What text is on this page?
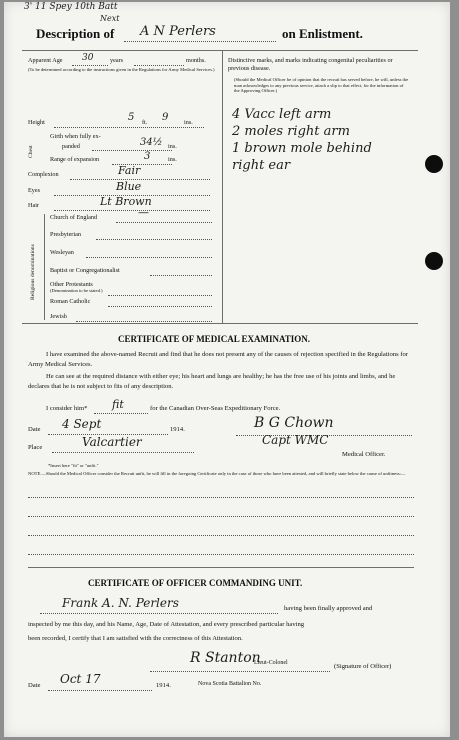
3' 11 Spey 10th Batt
Next
Description of A N Perlers	on Enlistment.
Apparent Age 30	years	months.
(To be determined according to the instructions given in the Regulations for Army Medical Services.)
Height	5 ft. 9	ins.
Chest
Girth when fully ex-
panded	34½ ins.
Range of expansion	3	ins.
Complexion	Fair
Eyes	Blue
Hair	Lt Brown
Religious denominations
Church of England	—
Presbyterian
Wesleyan
Baptist or Congregationalist
Other Protestants
(Denomination to be stated.)
Roman Catholic
Jewish
Distinctive marks, and marks indicating congenital peculiarities or previous disease.
(Should the Medical Officer be of opinion that the recruit has served before, he will, unless the man acknowledges to any previous service, attach a slip to that effect, for the information of the Approving Officer.)
4 Vacc left arm
2 moles right arm
1 brown mole behind
right ear
CERTIFICATE OF MEDICAL EXAMINATION.
I have examined the above-named Recruit and find that he does not present any of the causes of rejection specified in the Regulations for Army Medical Services.
He can see at the required distance with either eye; his heart and lungs are healthy; he has the free use of his joints and limbs, and he declares that he is not subject to fits of any description.
I consider him* fit	for the Canadian Over-Seas Expeditionary Force.
Date 4 Sept	1914.	B G Chown
Place	Valcartier	Capt WMC
Medical Officer.
*Insert here "fit" or "unfit."
NOTE.—Should the Medical Officer consider the Recruit unfit, he will fill in the foregoing Certificate only in the case of those who have been attested, and will briefly state below the cause of unfitness:—
CERTIFICATE OF OFFICER COMMANDING UNIT.
Frank A. N. Perlers	having been finally approved and
inspected by me this day, and his Name, Age, Date of Attestation, and every prescribed particular having
been recorded, I certify that I am satisfied with the correctness of this Attestation.
R Stanton
Lieut-Colonel	(Signature of Officer)
Date Oct 17	1914.	Nova Scotia Battalion No.
